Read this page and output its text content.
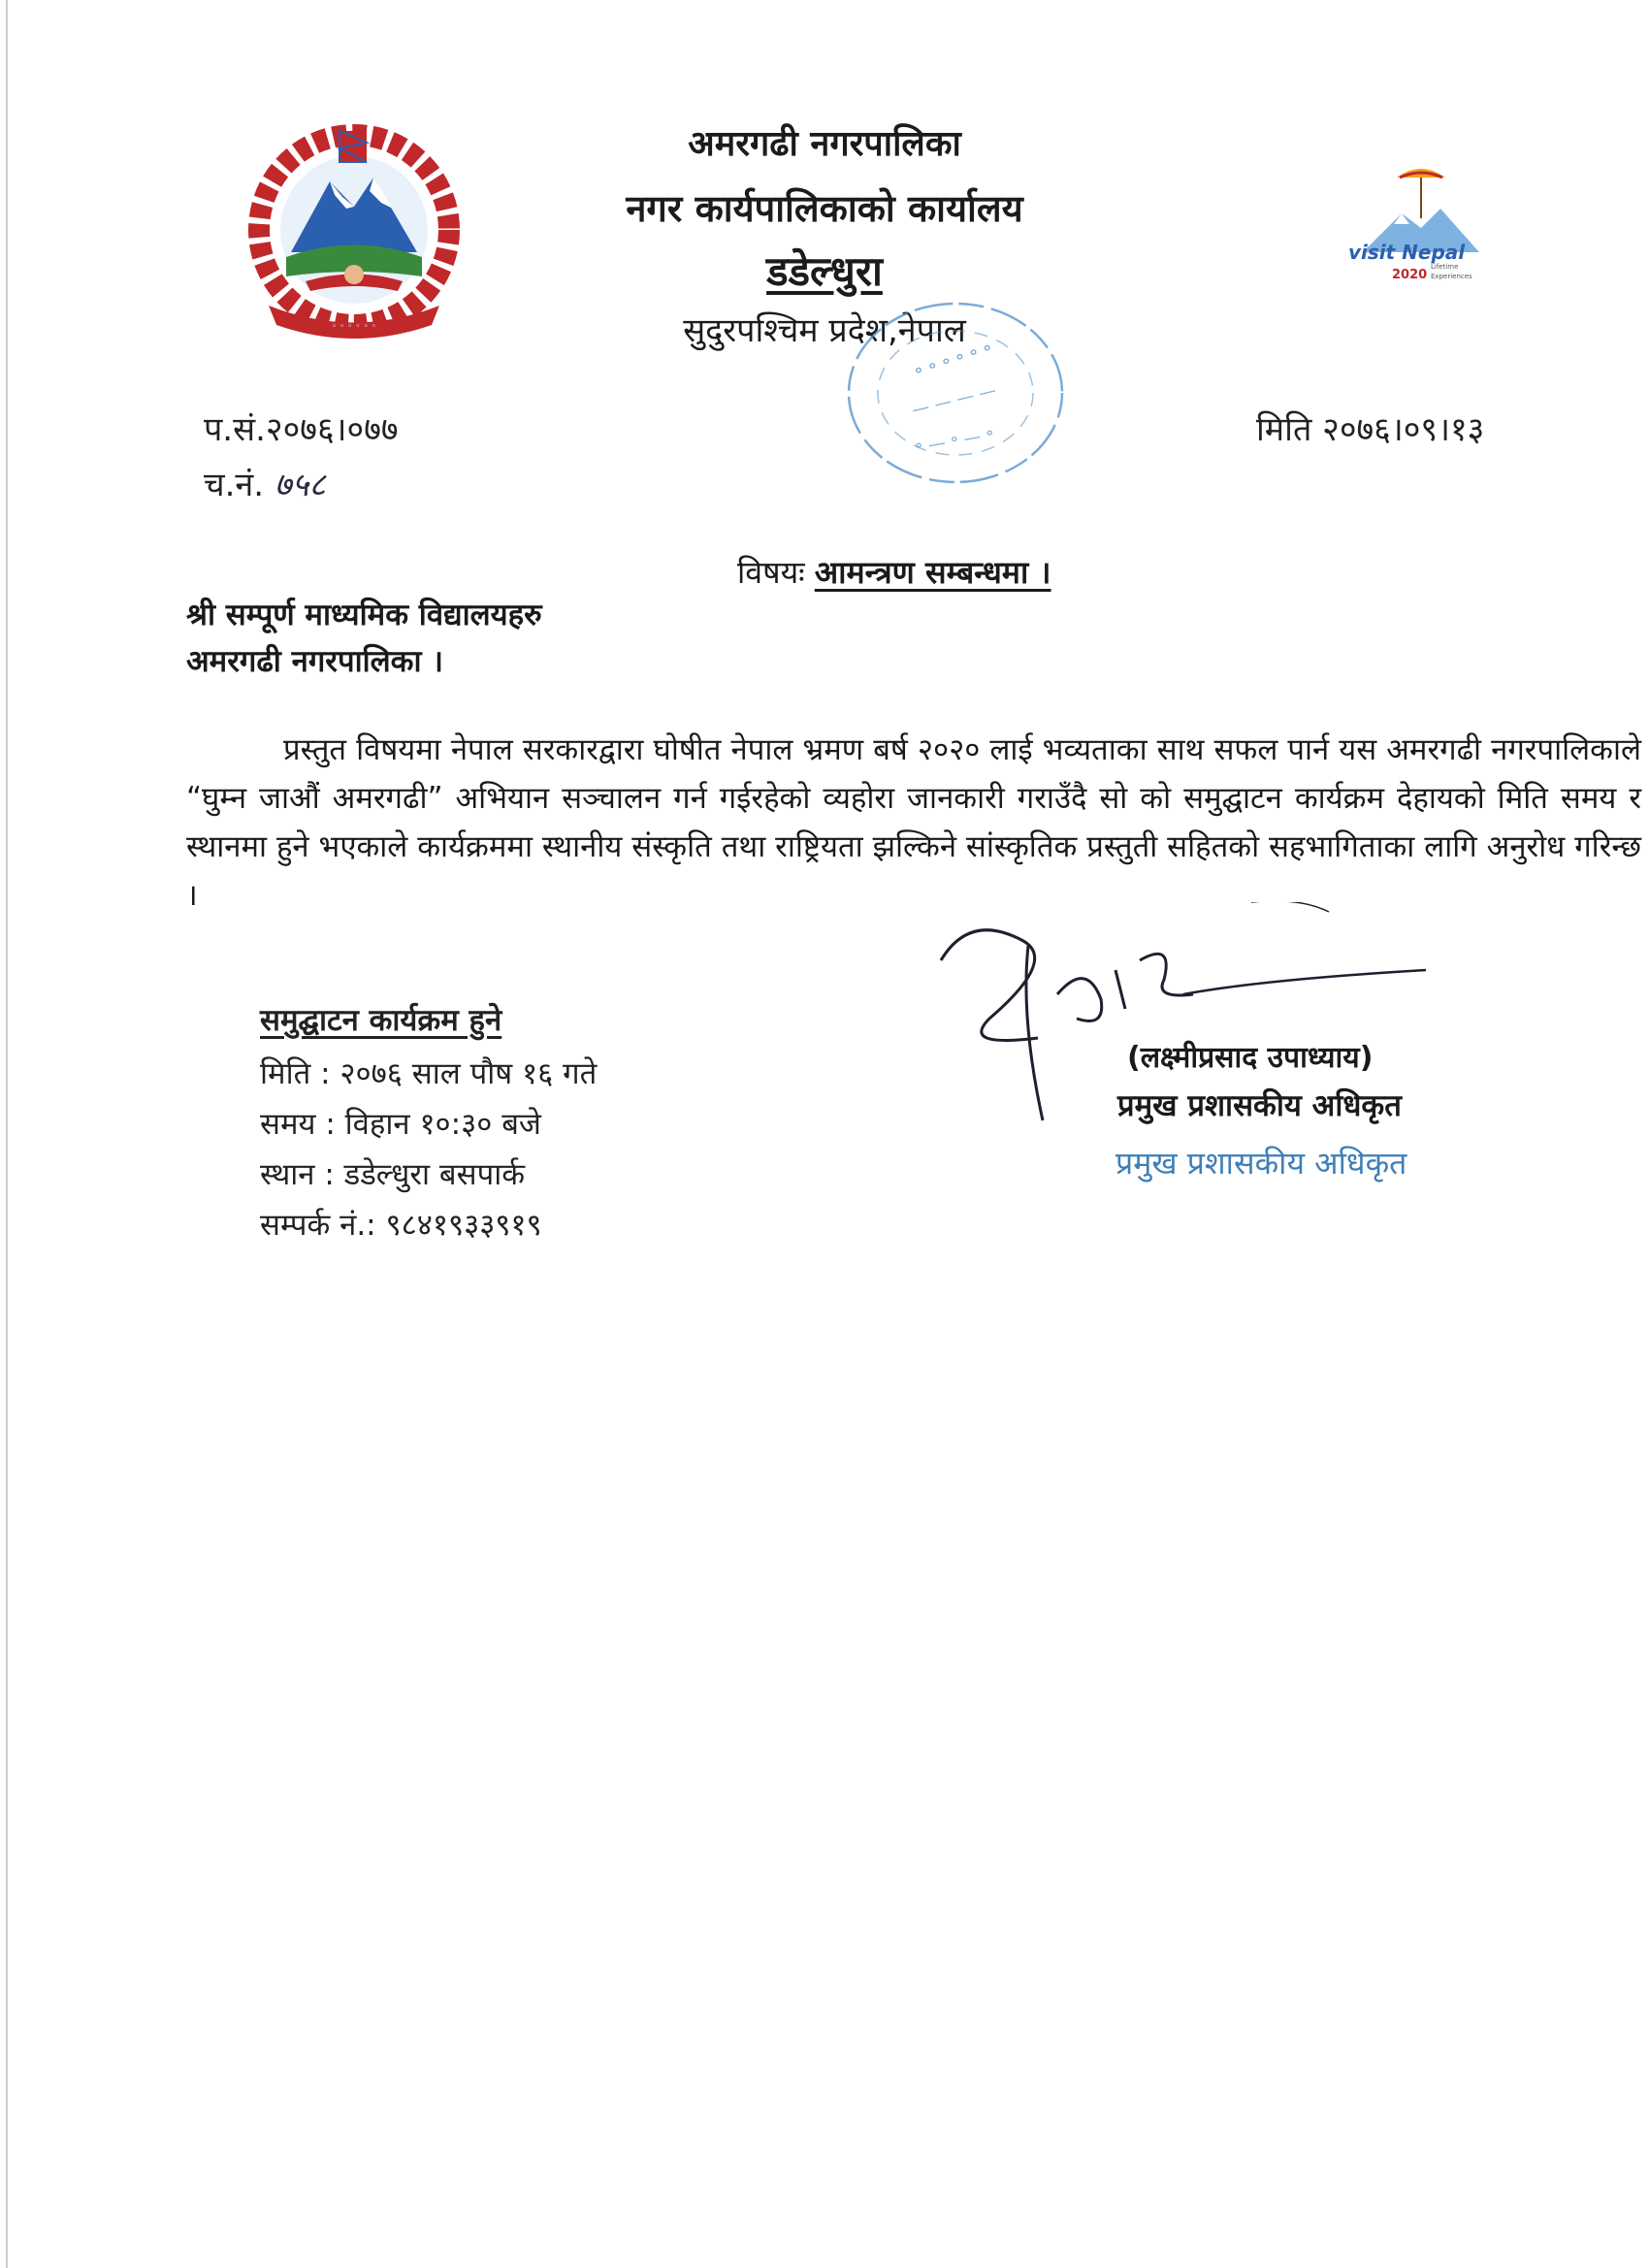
◦ ◦ ◦ ◦ ◦ ◦
visit Nepal
2020
Lifetime
Experiences
अमरगढी नगरपालिका
नगर कार्यपालिकाको कार्यालय
डडेल्धुरा
सुदुरपश्चिम प्रदेश,नेपाल
॰ ॰ ॰ ॰ ॰ ॰
— — — —
॰ — ॰ — ॰
प.सं.२०७६।०७७
च.नं. ७५८
मिति २०७६।०९।१३
विषयः आमन्त्रण सम्बन्धमा ।
श्री सम्पूर्ण माध्यमिक विद्यालयहरु
अमरगढी नगरपालिका ।

प्रस्तुत विषयमा नेपाल सरकारद्वारा घोषीत नेपाल भ्रमण बर्ष २०२० लाई भव्यताका साथ सफल पार्न यस अमरगढी नगरपालिकाले “घुम्न जाऔं अमरगढी” अभियान सञ्चालन गर्न गईरहेको व्यहोरा जानकारी गराउँदै सो को समुद्घाटन कार्यक्रम देहायको मिति समय र स्थानमा हुने भएकाले कार्यक्रममा स्थानीय संस्कृति तथा राष्ट्रियता झल्किने सांस्कृतिक प्रस्तुती सहितको सहभागिताका लागि अनुरोध गरिन्छ ।

समुद्घाटन कार्यक्रम हुने
मिति : २०७६ साल पौष १६ गते
समय : विहान १०:३० बजे
स्थान : डडेल्धुरा बसपार्क
सम्पर्क नं.: ९८४१९३३९१९
(लक्ष्मीप्रसाद उपाध्याय)
प्रमुख प्रशासकीय अधिकृत
प्रमुख प्रशासकीय अधिकृत
